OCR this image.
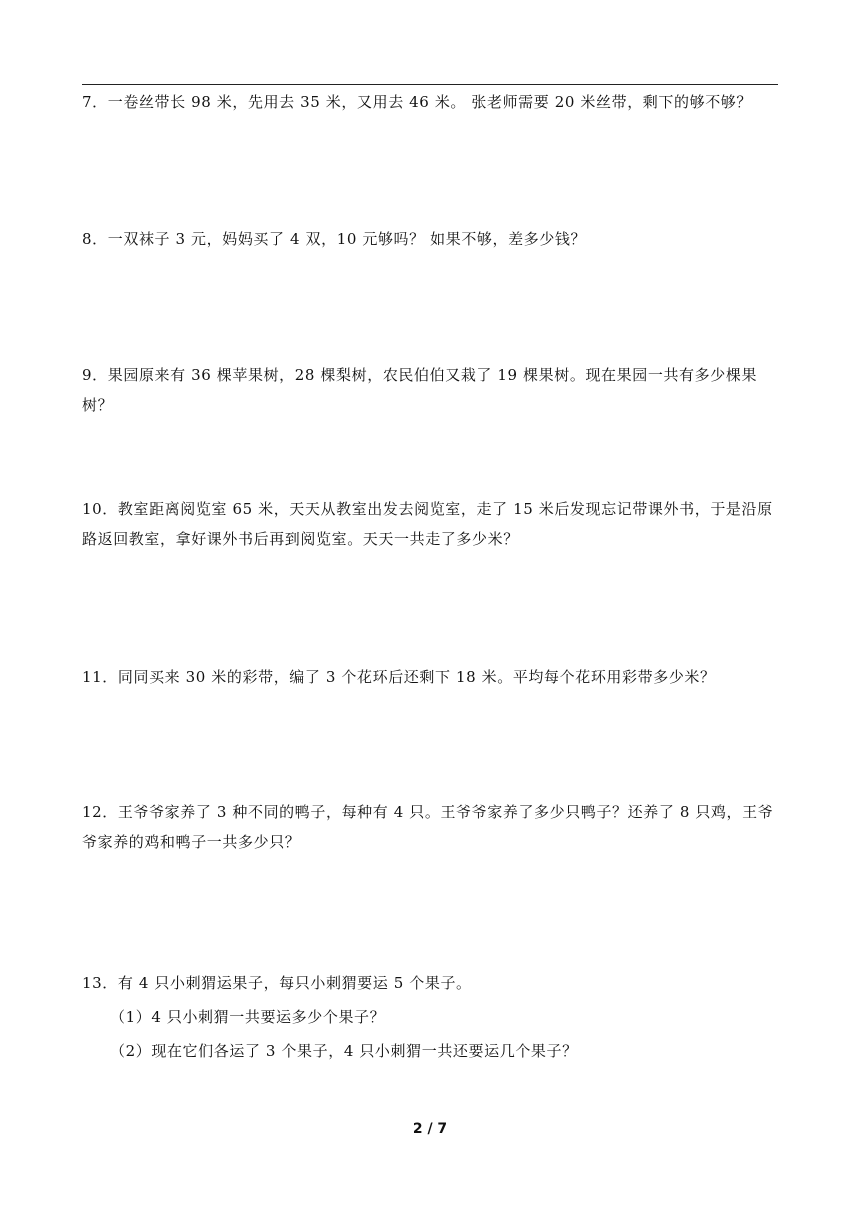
7．一卷丝带长 98 米，先用去 35 米，又用去 46 米。 张老师需要 20 米丝带，剩下的够不够？
8．一双袜子 3 元，妈妈买了 4 双，10 元够吗？ 如果不够，差多少钱？
9．果园原来有 36 棵苹果树，28 棵梨树，农民伯伯又栽了 19 棵果树。现在果园一共有多少棵果树？
10．教室距离阅览室 65 米，天天从教室出发去阅览室，走了 15 米后发现忘记带课外书，于是沿原路返回教室，拿好课外书后再到阅览室。天天一共走了多少米？
11．同同买来 30 米的彩带，编了 3 个花环后还剩下 18 米。平均每个花环用彩带多少米？
12．王爷爷家养了 3 种不同的鸭子，每种有 4 只。王爷爷家养了多少只鸭子？还养了 8 只鸡，王爷爷家养的鸡和鸭子一共多少只？
13．有 4 只小刺猬运果子，每只小刺猬要运 5 个果子。
（1）4 只小刺猬一共要运多少个果子？
（2）现在它们各运了 3 个果子，4 只小刺猬一共还要运几个果子？
2 / 7
